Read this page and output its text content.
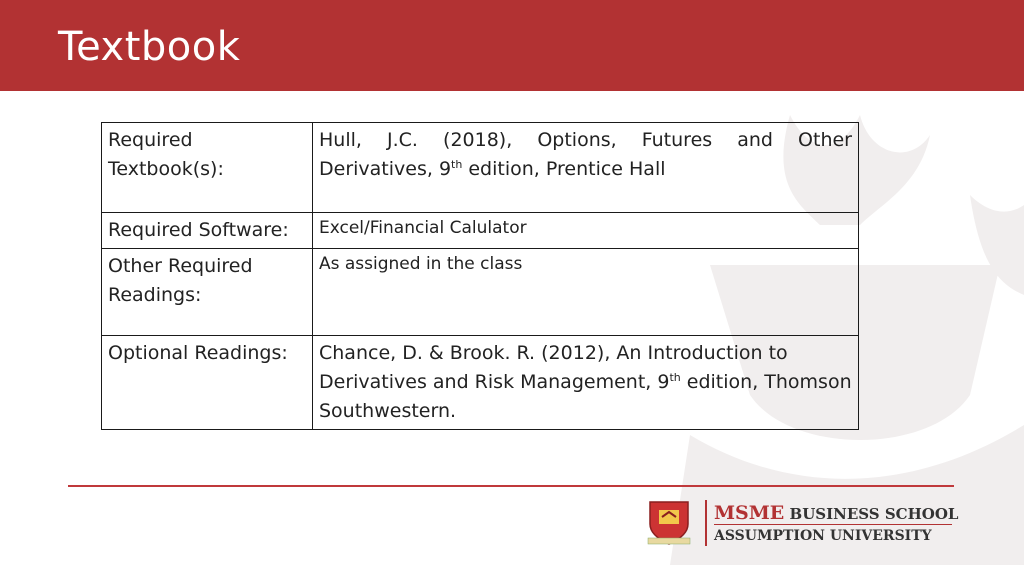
Textbook
Required Textbook(s):	Hull, J.C. (2018), Options, Futures and Other Derivatives, 9th edition, Prentice Hall
Required Software:	Excel/Financial Calulator
Other Required Readings:	As assigned in the class
Optional Readings:	Chance, D. & Brook. R. (2012), An Introduction to Derivatives and Risk Management, 9th edition, Thomson Southwestern.
MSME BUSINESS SCHOOL
ASSUMPTION UNIVERSITY
